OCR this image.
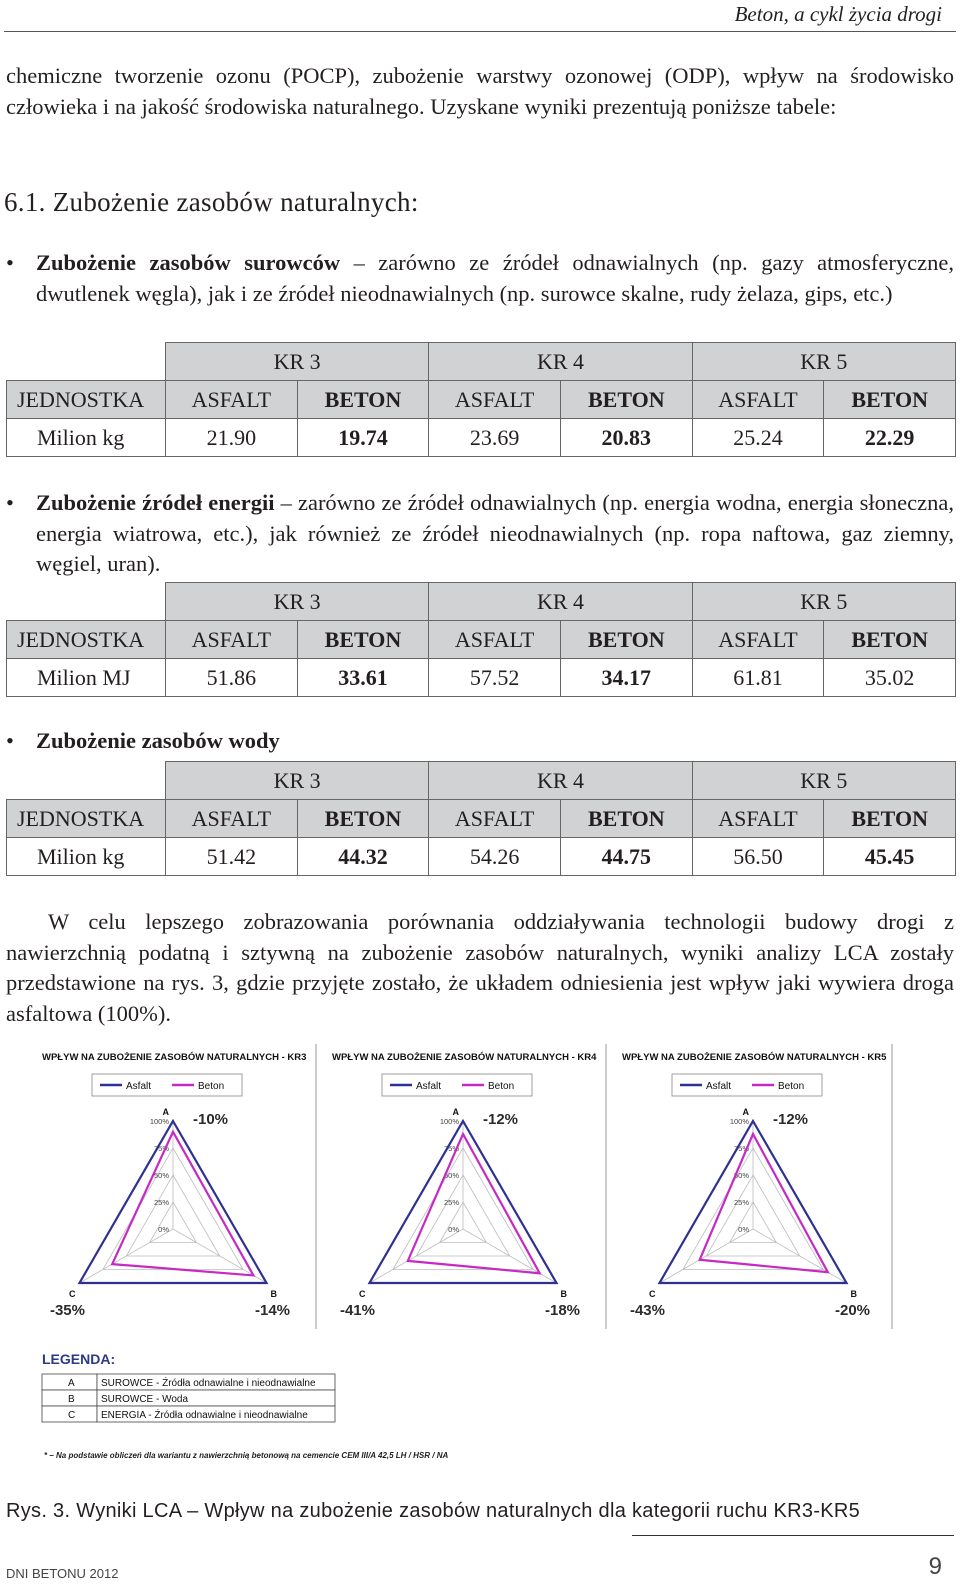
Beton, a cykl życia drogi

chemiczne tworzenie ozonu (POCP), zubożenie warstwy ozonowej (ODP), wpływ na środowisko człowieka i na jakość środowiska naturalnego. Uzyskane wyniki prezentują poniższe tabele:

6.1. Zubożenie zasobów naturalnych:
• Zubożenie zasobów surowców – zarówno ze źródeł odnawialnych (np. gazy atmosferyczne, dwutlenek węgla), jak i ze źródeł nieodnawialnych (np. surowce skalne, rudy żelaza, gips, etc.)
	KR 3		KR 4		KR 5	
JEDNOSTKA	ASFALT	BETON	ASFALT	BETON	ASFALT	BETON
Milion kg	21.90	19.74	23.69	20.83	25.24	22.29
• Zubożenie źródeł energii – zarówno ze źródeł odnawialnych (np. energia wodna, energia słoneczna, energia wiatrowa, etc.), jak również ze źródeł nieodnawialnych (np. ropa naftowa, gaz ziemny, węgiel, uran).
	KR 3		KR 4		KR 5	
JEDNOSTKA	ASFALT	BETON	ASFALT	BETON	ASFALT	BETON
Milion MJ	51.86	33.61	57.52	34.17	61.81	35.02
• Zubożenie zasobów wody
	KR 3		KR 4		KR 5	
JEDNOSTKA	ASFALT	BETON	ASFALT	BETON	ASFALT	BETON
Milion kg	51.42	44.32	54.26	44.75	56.50	45.45

W celu lepszego zobrazowania porównania oddziaływania technologii budowy drogi z nawierzchnią podatną i sztywną na zubożenie zasobów naturalnych, wyniki analizy LCA zostały przedstawione na rys. 3, gdzie przyjęte zostało, że układem odniesienia jest wpływ jaki wywiera droga asfaltowa (100%).

WPŁYW NA ZUBOŻENIE ZASOBÓW NATURALNYCH - KR3
Asfalt	Beton
100%
75%
50%
25%
0%
A
B
C
-10%
-14%
-35%
WPŁYW NA ZUBOŻENIE ZASOBÓW NATURALNYCH - KR4
Asfalt	Beton
100%
75%
50%
25%
0%
A
B
C
-12%
-18%
-41%
WPŁYW NA ZUBOŻENIE ZASOBÓW NATURALNYCH - KR5
Asfalt	Beton
100%
75%
50%
25%
0%
A
B
C
-12%
-20%
-43%
LEGENDA:
A	SUROWCE - Źródła odnawialne i nieodnawialne
B	SUROWCE - Woda
C	ENERGIA - Źródła odnawialne i nieodnawialne
* – Na podstawie obliczeń dla wariantu z nawierzchnią betonową na cemencie CEM III/A 42,5 LH / HSR / NA
Rys. 3. Wyniki LCA – Wpływ na zubożenie zasobów naturalnych dla kategorii ruchu KR3-KR5
DNI BETONU 2012	9
